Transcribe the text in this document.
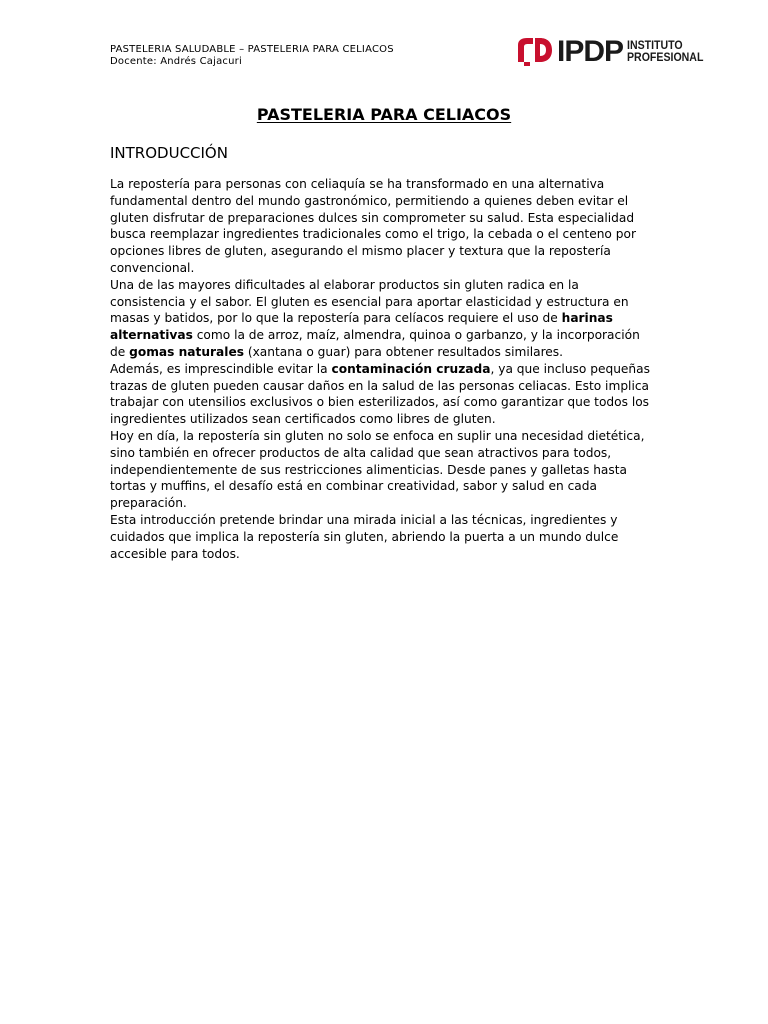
PASTELERIA SALUDABLE – PASTELERIA PARA CELIACOS
Docente: Andrés Cajacuri	IPDP INSTITUTO
PROFESIONAL
PASTELERIA PARA CELIACOS
INTRODUCCIÓN

La repostería para personas con celiaquía se ha transformado en una alternativa fundamental dentro del mundo gastronómico, permitiendo a quienes deben evitar el gluten disfrutar de preparaciones dulces sin comprometer su salud. Esta especialidad busca reemplazar ingredientes tradicionales como el trigo, la cebada o el centeno por opciones libres de gluten, asegurando el mismo placer y textura que la repostería convencional.

Una de las mayores dificultades al elaborar productos sin gluten radica en la consistencia y el sabor. El gluten es esencial para aportar elasticidad y estructura en masas y batidos, por lo que la repostería para celíacos requiere el uso de harinas alternativas como la de arroz, maíz, almendra, quinoa o garbanzo, y la incorporación de gomas naturales (xantana o guar) para obtener resultados similares.

Además, es imprescindible evitar la contaminación cruzada, ya que incluso pequeñas trazas de gluten pueden causar daños en la salud de las personas celiacas. Esto implica trabajar con utensilios exclusivos o bien esterilizados, así como garantizar que todos los ingredientes utilizados sean certificados como libres de gluten.

Hoy en día, la repostería sin gluten no solo se enfoca en suplir una necesidad dietética, sino también en ofrecer productos de alta calidad que sean atractivos para todos, independientemente de sus restricciones alimenticias. Desde panes y galletas hasta tortas y muffins, el desafío está en combinar creatividad, sabor y salud en cada preparación.

Esta introducción pretende brindar una mirada inicial a las técnicas, ingredientes y cuidados que implica la repostería sin gluten, abriendo la puerta a un mundo dulce accesible para todos.
